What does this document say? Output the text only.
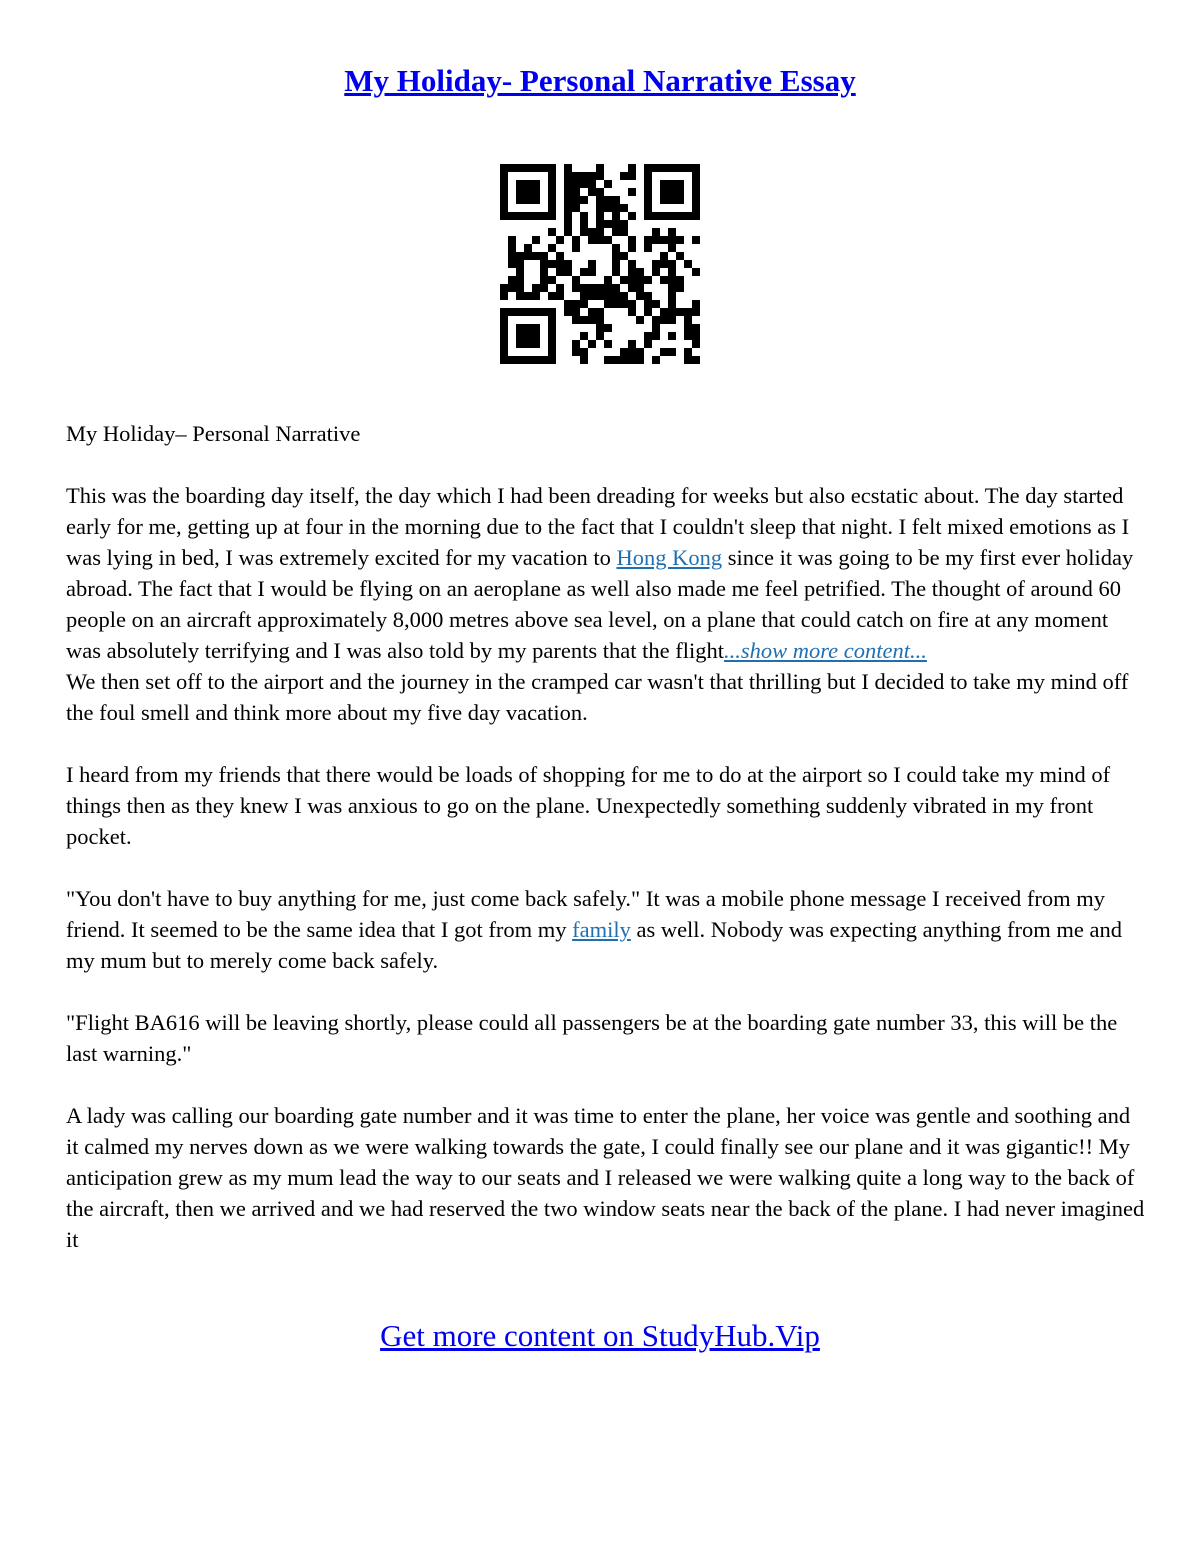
My Holiday- Personal Narrative Essay

My Holiday– Personal Narrative

This was the boarding day itself, the day which I had been dreading for weeks but also ecstatic about. The day started early for me, getting up at four in the morning due to the fact that I couldn't sleep that night. I felt mixed emotions as I was lying in bed, I was extremely excited for my vacation to Hong Kong since it was going to be my first ever holiday abroad. The fact that I would be flying on an aeroplane as well also made me feel petrified. The thought of around 60 people on an aircraft approximately 8,000 metres above sea level, on a plane that could catch on fire at any moment was absolutely terrifying and I was also told by my parents that the flight...show more content...

We then set off to the airport and the journey in the cramped car wasn't that thrilling but I decided to take my mind off the foul smell and think more about my five day vacation.

I heard from my friends that there would be loads of shopping for me to do at the airport so I could take my mind of things then as they knew I was anxious to go on the plane. Unexpectedly something suddenly vibrated in my front pocket.

"You don't have to buy anything for me, just come back safely." It was a mobile phone message I received from my friend. It seemed to be the same idea that I got from my family as well. Nobody was expecting anything from me and my mum but to merely come back safely.

"Flight BA616 will be leaving shortly, please could all passengers be at the boarding gate number 33, this will be the last warning."

A lady was calling our boarding gate number and it was time to enter the plane, her voice was gentle and soothing and it calmed my nerves down as we were walking towards the gate, I could finally see our plane and it was gigantic!! My anticipation grew as my mum lead the way to our seats and I released we were walking quite a long way to the back of the aircraft, then we arrived and we had reserved the two window seats near the back of the plane. I had never imagined it

Get more content on StudyHub.Vip
